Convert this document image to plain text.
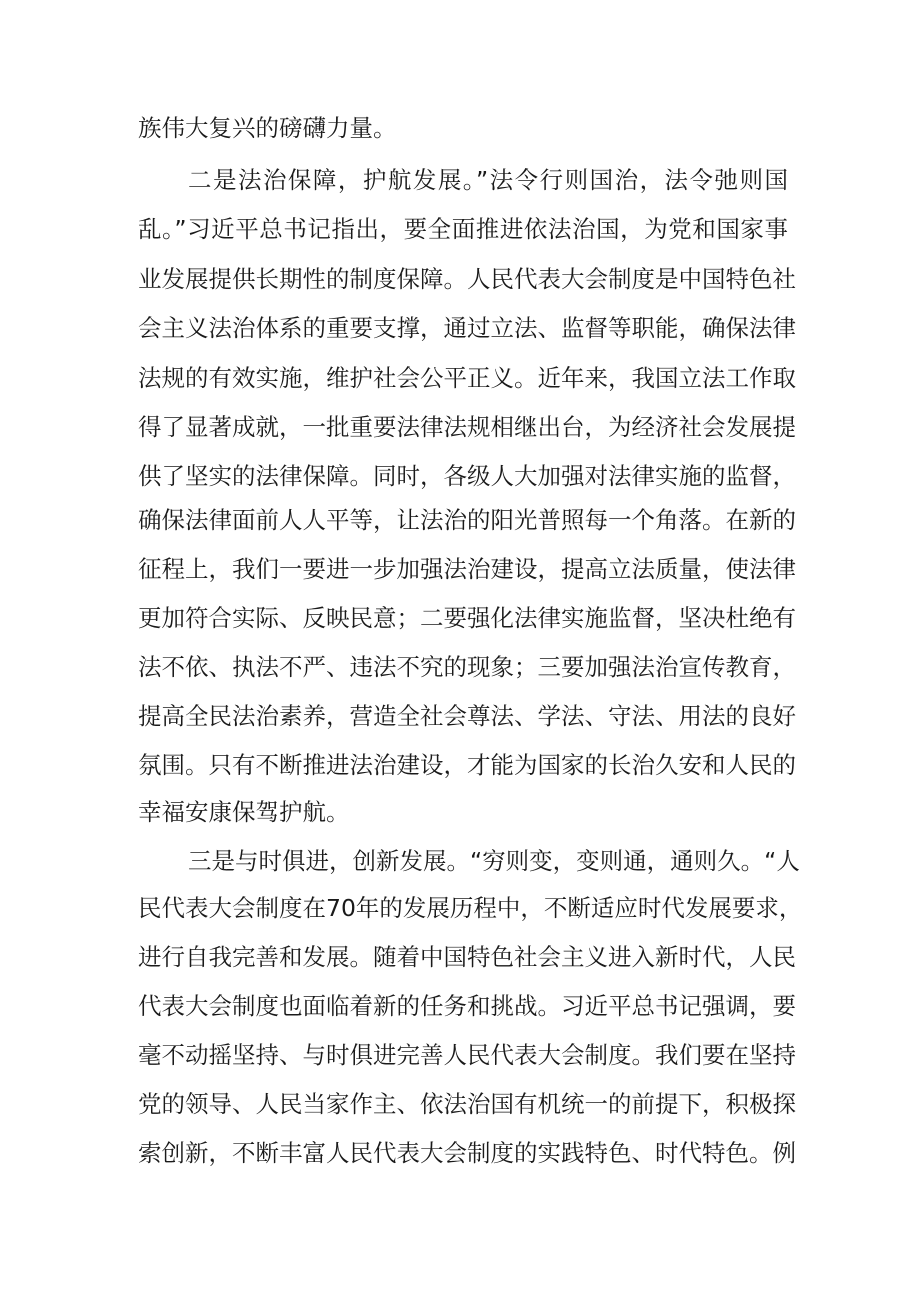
族伟大复兴的磅礴力量。
二是法治保障，护航发展。”法令行则国治，法令弛则国
乱。”习近平总书记指出，要全面推进依法治国，为党和国家事
业发展提供长期性的制度保障。人民代表大会制度是中国特色社
会主义法治体系的重要支撑，通过立法、监督等职能，确保法律
法规的有效实施，维护社会公平正义。近年来，我国立法工作取
得了显著成就，一批重要法律法规相继出台，为经济社会发展提
供了坚实的法律保障。同时，各级人大加强对法律实施的监督，
确保法律面前人人平等，让法治的阳光普照每一个角落。在新的
征程上，我们一要进一步加强法治建设，提高立法质量，使法律
更加符合实际、反映民意；二要强化法律实施监督，坚决杜绝有
法不依、执法不严、违法不究的现象；三要加强法治宣传教育，
提高全民法治素养，营造全社会尊法、学法、守法、用法的良好
氛围。只有不断推进法治建设，才能为国家的长治久安和人民的
幸福安康保驾护航。
三是与时俱进，创新发展。“穷则变，变则通，通则久。“人
民代表大会制度在70年的发展历程中，不断适应时代发展要求，
进行自我完善和发展。随着中国特色社会主义进入新时代，人民
代表大会制度也面临着新的任务和挑战。习近平总书记强调，要
毫不动摇坚持、与时俱进完善人民代表大会制度。我们要在坚持
党的领导、人民当家作主、依法治国有机统一的前提下，积极探
索创新，不断丰富人民代表大会制度的实践特色、时代特色。例
